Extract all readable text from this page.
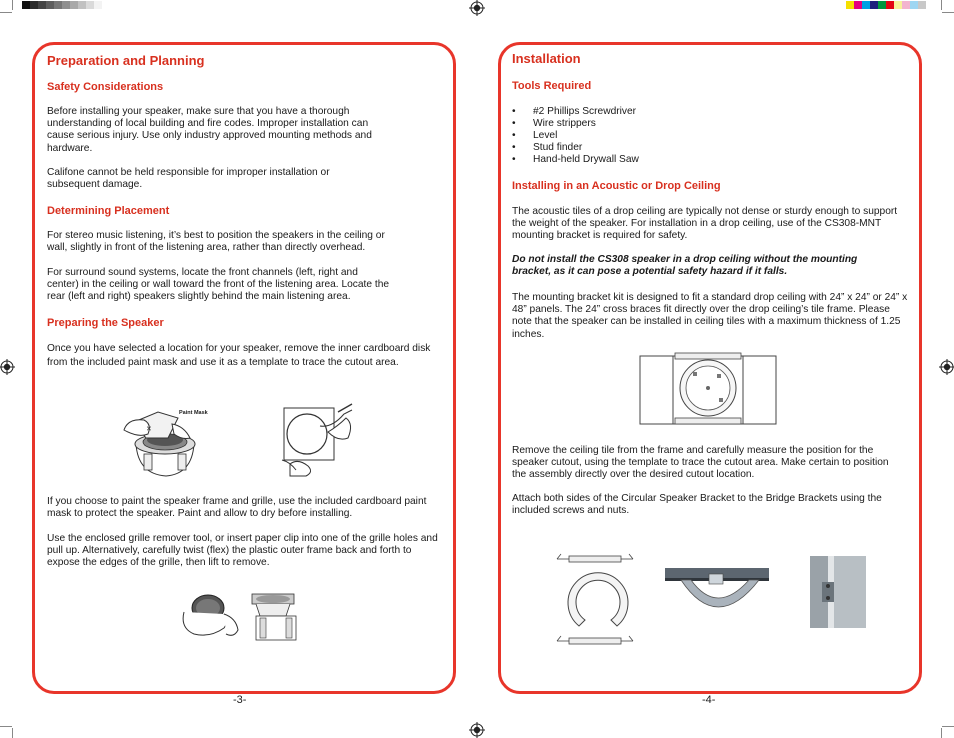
Preparation and Planning
Safety Considerations
Before installing your speaker, make sure that you have a thorough understanding of local building and fire codes. Improper installation can cause serious injury. Use only industry approved mounting methods and hardware.
Califone cannot be held responsible for improper installation or subsequent damage.
Determining Placement
For stereo music listening, it’s best to position the speakers in the ceiling or wall, slightly in front of the listening area, rather than directly overhead.
For surround sound systems, locate the front channels (left, right and center) in the ceiling or wall toward the front of the listening area. Locate the rear (left and right) speakers slightly behind the main listening area.
Preparing the Speaker
Once you have selected a location for your speaker, remove the inner cardboard disk from the included paint mask and use it as a template to trace the cutout area.
✕
Paint Mask
If you choose to paint the speaker frame and grille, use the included cardboard paint mask to protect the speaker. Paint and allow to dry before installing.
Use the enclosed grille remover tool, or insert paper clip into one of the grille holes and pull up. Alternatively, carefully twist (flex) the plastic outer frame back and forth to expose the edges of the grille, then lift to remove.
-3-
Installation
Tools Required
• #2 Phillips Screwdriver
• Wire strippers
• Level
• Stud finder
• Hand-held Drywall Saw
Installing in an Acoustic or Drop Ceiling
The acoustic tiles of a drop ceiling are typically not dense or sturdy enough to support the weight of the speaker. For installation in a drop ceiling, use of the CS308-MNT mounting bracket is required for safety.
Do not install the CS308 speaker in a drop ceiling without the mounting bracket, as it can pose a potential safety hazard if it falls.
The mounting bracket kit is designed to fit a standard drop ceiling with 24” x 24” or 24” x 48” panels. The 24” cross braces fit directly over the drop ceiling’s tile frame. Please note that the speaker can be installed in ceiling tiles with a maximum thickness of 1.25 inches.
Remove the ceiling tile from the frame and carefully measure the position for the speaker cutout, using the template to trace the cutout area. Make certain to position the assembly directly over the desired cutout location.
Attach both sides of the Circular Speaker Bracket to the Bridge Brackets using the included screws and nuts.
-4-
